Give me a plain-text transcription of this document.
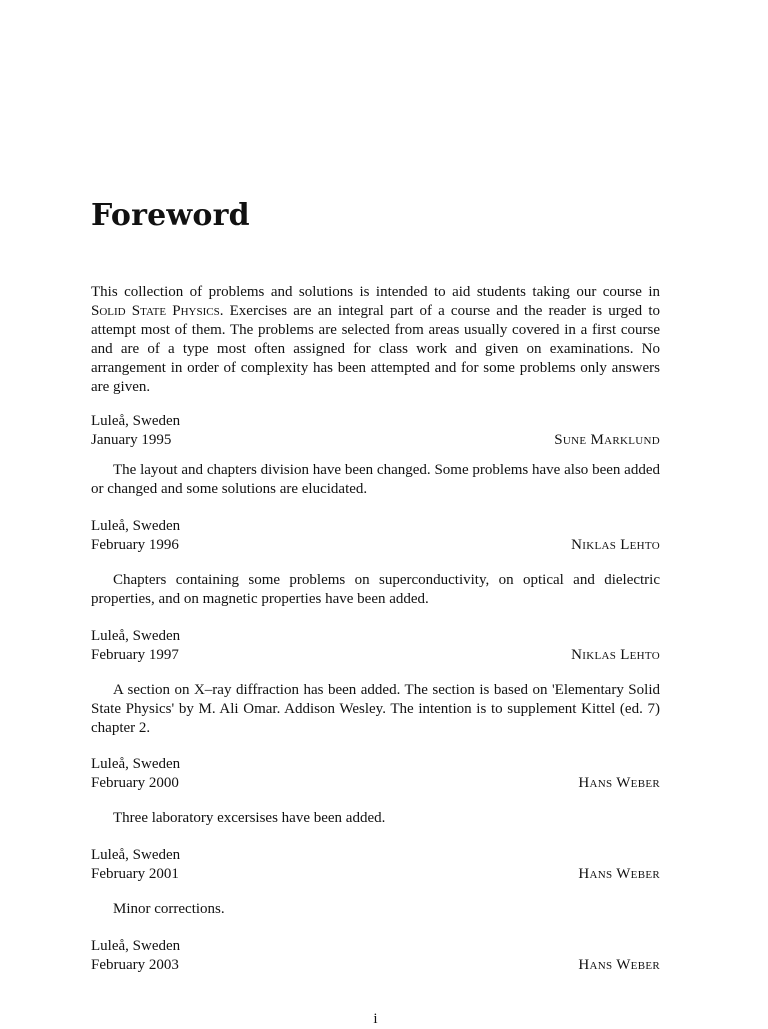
Foreword

This collection of problems and solutions is intended to aid students taking our course in Solid State Physics. Exercises are an integral part of a course and the reader is urged to attempt most of them. The problems are selected from areas usually covered in a first course and are of a type most often assigned for class work and given on examinations. No arrangement in order of complexity has been attempted and for some problems only answers are given.

Luleå, Sweden
January 1995	Sune Marklund

The layout and chapters division have been changed. Some problems have also been added or changed and some solutions are elucidated.

Luleå, Sweden
February 1996	Niklas Lehto

Chapters containing some problems on superconductivity, on optical and dielectric properties, and on magnetic properties have been added.

Luleå, Sweden
February 1997	Niklas Lehto

A section on X–ray diffraction has been added. The section is based on 'Elementary Solid State Physics' by M. Ali Omar. Addison Wesley. The intention is to supplement Kittel (ed. 7) chapter 2.

Luleå, Sweden
February 2000	Hans Weber

Three laboratory excersises have been added.

Luleå, Sweden
February 2001	Hans Weber

Minor corrections.

Luleå, Sweden
February 2003	Hans Weber
i
